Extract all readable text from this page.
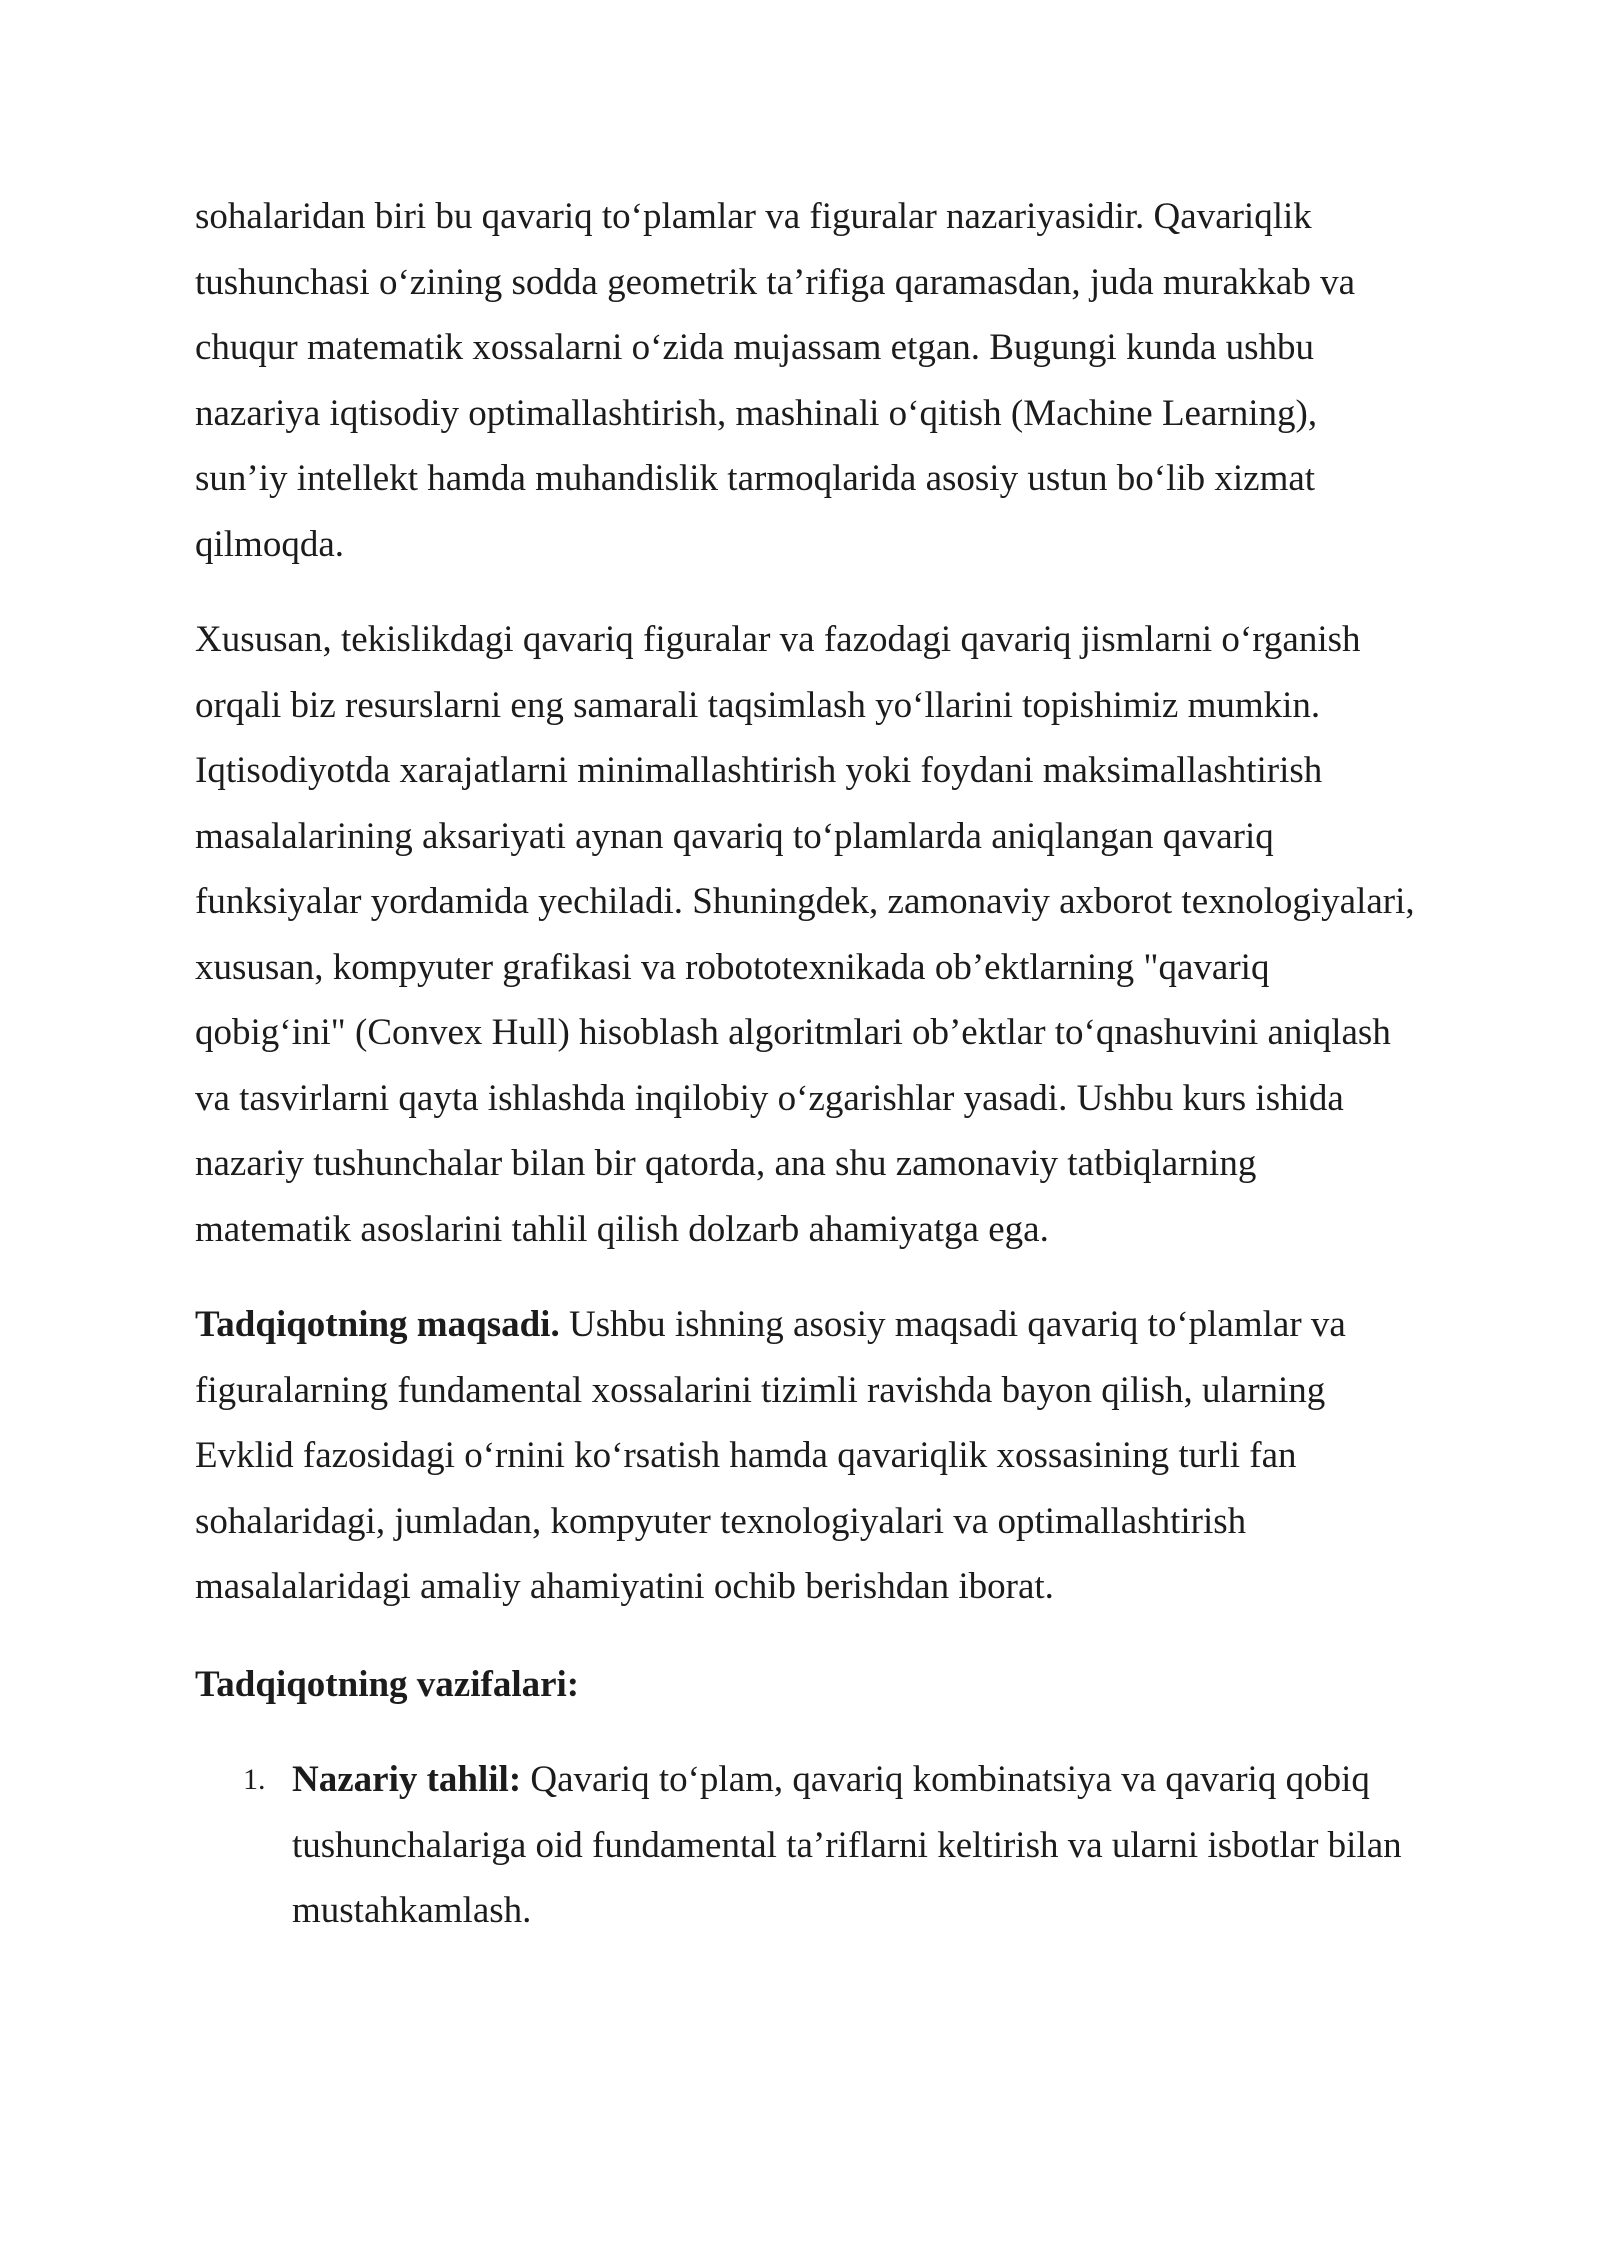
sohalaridan biri bu qavariq to‘plamlar va figuralar nazariyasidir. Qavariqlik tushunchasi o‘zining sodda geometrik ta’rifiga qaramasdan, juda murakkab va chuqur matematik xossalarni o‘zida mujassam etgan. Bugungi kunda ushbu nazariya iqtisodiy optimallashtirish, mashinali o‘qitish (Machine Learning), sun’iy intellekt hamda muhandislik tarmoqlarida asosiy ustun bo‘lib xizmat qilmoqda.

Xususan, tekislikdagi qavariq figuralar va fazodagi qavariq jismlarni o‘rganish orqali biz resurslarni eng samarali taqsimlash yo‘llarini topishimiz mumkin. Iqtisodiyotda xarajatlarni minimallashtirish yoki foydani maksimallashtirish masalalarining aksariyati aynan qavariq to‘plamlarda aniqlangan qavariq funksiyalar yordamida yechiladi. Shuningdek, zamonaviy axborot texnologiyalari, xususan, kompyuter grafikasi va robototexnikada ob’ektlarning "qavariq qobig‘ini" (Convex Hull) hisoblash algoritmlari ob’ektlar to‘qnashuvini aniqlash va tasvirlarni qayta ishlashda inqilobiy o‘zgarishlar yasadi. Ushbu kurs ishida nazariy tushunchalar bilan bir qatorda, ana shu zamonaviy tatbiqlarning matematik asoslarini tahlil qilish dolzarb ahamiyatga ega.

Tadqiqotning maqsadi. Ushbu ishning asosiy maqsadi qavariq to‘plamlar va figuralarning fundamental xossalarini tizimli ravishda bayon qilish, ularning Evklid fazosidagi o‘rnini ko‘rsatish hamda qavariqlik xossasining turli fan sohalaridagi, jumladan, kompyuter texnologiyalari va optimallashtirish masalalaridagi amaliy ahamiyatini ochib berishdan iborat.

Tadqiqotning vazifalari:

1. Nazariy tahlil: Qavariq to‘plam, qavariq kombinatsiya va qavariq qobiq tushunchalariga oid fundamental ta’riflarni keltirish va ularni isbotlar bilan mustahkamlash.
